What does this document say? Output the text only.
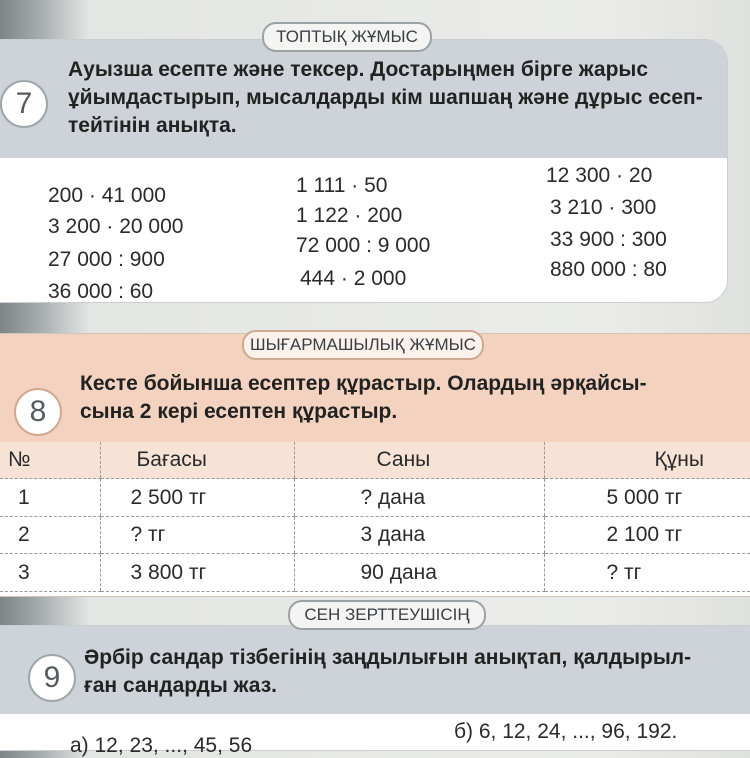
ТОПТЫҚ ЖҰМЫС
7
Ауызша есепте және тексер. Достарыңмен бірге жарыс
ұйымдастырып, мысалдарды кім шапшаң және дұрыс есеп-
тейтінін анықта.
200 · 41 000
3 200 · 20 000
27 000 : 900
36 000 : 60
1 111 · 50
1 122 · 200
72 000 : 9 000
444 · 2 000
12 300 · 20
3 210 · 300
33 900 : 300
880 000 : 80
ШЫҒАРМАШЫЛЫҚ ЖҰМЫС
8
Кесте бойынша есептер құрастыр. Олардың әрқайсы-
сына 2 кері есептен құрастыр.
№	Бағасы	Саны	Құны
1	2 500 тг	? дана	5 000 тг
2	? тг	3 дана	2 100 тг
3	3 800 тг	90 дана	? тг
СЕН ЗЕРТТЕУШІСІҢ
9
Әрбір сандар тізбегінің заңдылығын анықтап, қалдырыл-
ған сандарды жаз.
а) 12, 23, ..., 45, 56
б) 6, 12, 24, ..., 96, 192.
